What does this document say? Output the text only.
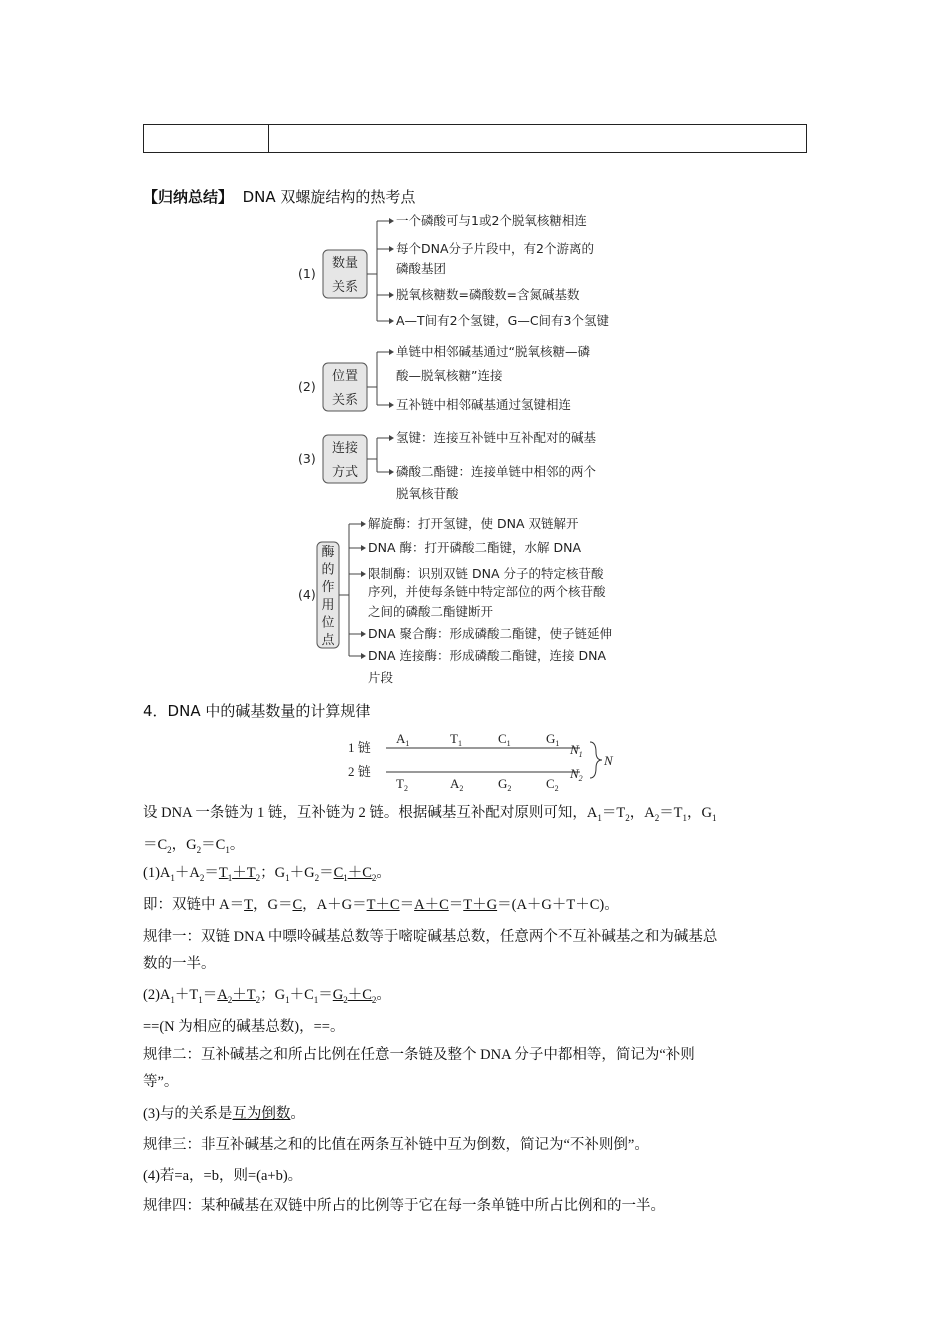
【归纳总结】 DNA 双螺旋结构的热考点
(1)
数量
关系
一个磷酸可与1或2个脱氧核糖相连
每个DNA分子片段中，有2个游离的
磷酸基团
脱氧核糖数=磷酸数=含氮碱基数
A—T间有2个氢键，G—C间有3个氢键
(2)
位置
关系
单链中相邻碱基通过“脱氧核糖—磷
酸—脱氧核糖”连接
互补链中相邻碱基通过氢键相连
(3)
连接
方式
氢键：连接互补链中互补配对的碱基
磷酸二酯键：连接单链中相邻的两个
脱氧核苷酸
(4)
酶
的
作
用
位
点
解旋酶：打开氢键，使 DNA 双链解开
DNA 酶：打开磷酸二酯键，水解 DNA
限制酶：识别双链 DNA 分子的特定核苷酸
序列，并使每条链中特定部位的两个核苷酸
之间的磷酸二酯键断开
DNA 聚合酶：形成磷酸二酯键，使子链延伸
DNA 连接酶：形成磷酸二酯键，连接 DNA
片段
4．DNA 中的碱基数量的计算规律
1 链
2 链
$A_1$	$T_1$	$C_1$	$G_1$
$T_2$	$A_2$	$G_2$	$C_2$
$N_1$
$N_2$
N
设 DNA 一条链为 1 链，互补链为 2 链。根据碱基互补配对原则可知，$A_1=T_2$，$A_2=T_1$，$G_1$
$=C_2$，$G_2=C_1$。
$(1)A_1+A_2=T_1+T_2$；$G_1+G_2=C_1+C_2$。
即：双链中 A＝T，G＝C，A＋G＝T＋C＝A＋C＝T＋G＝(A＋G＋T＋C)。
规律一：双链 DNA 中嘌呤碱基总数等于嘧啶碱基总数，任意两个不互补碱基之和为碱基总
数的一半。
$(2)A_1+T_1=A_2+T_2$；$G_1+C_1=G_2+C_2$。
==(N 为相应的碱基总数)，==。
规律二：互补碱基之和所占比例在任意一条链及整个 DNA 分子中都相等，简记为“补则
等”。
(3)与的关系是互为倒数。
规律三：非互补碱基之和的比值在两条互补链中互为倒数，简记为“不补则倒”。
(4)若=a，=b，则=(a+b)。
规律四：某种碱基在双链中所占的比例等于它在每一条单链中所占比例和的一半。
